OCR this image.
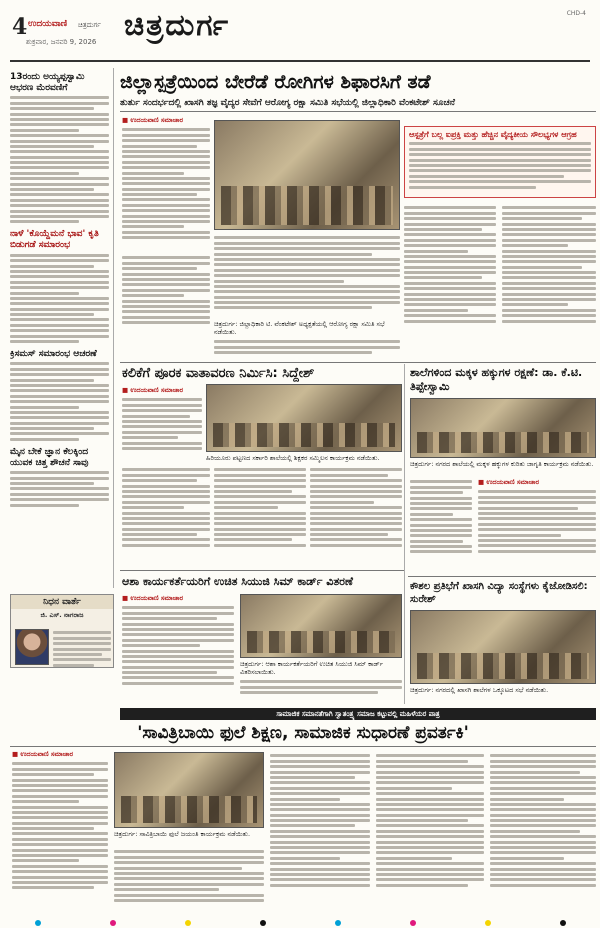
4 ಉದಯವಾಣಿ ಚಿತ್ರದುರ್ಗ
ಶುಕ್ರವಾರ, ಜನವರಿ 9, 2026 ಚಿತ್ರದುರ್ಗ	CHD-4
13ರಂದು ಅಯ್ಯಪ್ಪಸ್ವಾಮಿ ಆಭರಣ ಮೆರವಣಿಗೆ
ನಾಳೆ 'ಕೊಯ್ದೆಮನೆ ಭಾವ' ಕೃತಿ ಬಿಡುಗಡೆ ಸಮಾರಂಭ
ಕ್ರಿಸಮಸ್ ಸಮಾರಂಭ ಆಚರಣೆ
ಮೈನ ಬೇಕೆ ಜ್ಞಾನ ಕೆಲಕ್ಕಿಂದ ಯುವಕ ಚಿತ್ತ ಶೌಚನೆ ಸಾವು
ನಿಧನ ವಾರ್ತೆ
ಜಿ. ಎಸ್. ನಾಗರಾಜ
ಜಿಲ್ಲಾಸ್ಪತ್ರೆಯಿಂದ ಬೇರೆಡೆ ರೋಗಿಗಳ ಶಿಫಾರಸಿಗೆ ತಡೆ
ತುರ್ತು ಸಂದರ್ಭದಲ್ಲಿ ಖಾಸಗಿ ತಜ್ಞ ವೈದ್ಯರ ಸೇವೆಗೆ ಆರೋಗ್ಯ ರಕ್ಷಾ ಸಮಿತಿ ಸಭೆಯಲ್ಲಿ ಜಿಲ್ಲಾಧಿಕಾರಿ ವೆಂಕಟೇಶ್ ಸೂಚನೆ
■ ಉದಯವಾಣಿ ಸಮಾಚಾರ
ಆಸ್ಪತ್ರೆಗೆ ಬಲ್ಲ ಐಪ್ರಕ್ತಿ ಮತ್ತು ಹೆಚ್ಚಿನ ವೈದ್ಯಕೀಯ ಸೌಲಭ್ಯಗಳ ಆಗ್ರಹ
ಚಿತ್ರದುರ್ಗ: ಜಿಲ್ಲಾಧಿಕಾರಿ ಟಿ. ವೆಂಕಟೇಶ್ ಅಧ್ಯಕ್ಷತೆಯಲ್ಲಿ ಆರೋಗ್ಯ ರಕ್ಷಾ ಸಮಿತಿ ಸಭೆ ನಡೆಯಿತು.
ಕಲಿಕೆಗೆ ಪೂರಕ ವಾತಾವರಣ ನಿರ್ಮಿಸಿ: ಸಿದ್ದೇಶ್
■ ಉದಯವಾಣಿ ಸಮಾಚಾರ
ಹಿರಿಯೂರು ಪಟ್ಟಣದ ಸರ್ಕಾರಿ ಶಾಲೆಯಲ್ಲಿ ಶಿಕ್ಷಕರ ಸಮ್ಮಿಲನ ಕಾರ್ಯಕ್ರಮ ನಡೆಯಿತು.
ಶಾಲೆಗಳಿಂದ ಮಕ್ಕಳ ಹಕ್ಕುಗಳ ರಕ್ಷಣೆ: ಡಾ. ಕೆ.ಟಿ. ತಿಪ್ಪೇಸ್ವಾಮಿ
ಚಿತ್ರದುರ್ಗ: ನಗರದ ಶಾಲೆಯಲ್ಲಿ ಮಕ್ಕಳ ಹಕ್ಕುಗಳ ಕುರಿತು ಜಾಗೃತಿ ಕಾರ್ಯಕ್ರಮ ನಡೆಯಿತು.
■ ಉದಯವಾಣಿ ಸಮಾಚಾರ
ಆಶಾ ಕಾರ್ಯಕರ್ತೆಯರಿಗೆ ಉಚಿತ ಸಿಯುಜಿ ಸಿಮ್ ಕಾರ್ಡ್ ವಿತರಣೆ
■ ಉದಯವಾಣಿ ಸಮಾಚಾರ
ಚಿತ್ರದುರ್ಗ: ಆಶಾ ಕಾರ್ಯಕರ್ತೆಯರಿಗೆ ಉಚಿತ ಸಿಯುಜಿ ಸಿಮ್ ಕಾರ್ಡ್ ವಿತರಿಸಲಾಯಿತು.
ಕೌಶಲ ಪ್ರತಿಭೆಗೆ ಖಾಸಗಿ ವಿದ್ಯಾ ಸಂಸ್ಥೆಗಳು ಕೈಜೋಡಿಸಲಿ: ಸುರೇಶ್
ಚಿತ್ರದುರ್ಗ: ನಗರದಲ್ಲಿ ಖಾಸಗಿ ಶಾಲೆಗಳ ಒಕ್ಕೂಟದ ಸಭೆ ನಡೆಯಿತು.
ಸಾಮಾಜಿಕ ಸಮಾನತೆಗಾಗಿ ಸ್ವಾತಂತ್ರ್ಯ ಸಮಾಜ ಕಟ್ಟುವಲ್ಲಿ ಮಹಿಳೆಯರ ಪಾತ್ರ
'ಸಾವಿತ್ರಿಬಾಯಿ ಫುಲೆ ಶಿಕ್ಷಣ, ಸಾಮಾಜಿಕ ಸುಧಾರಣೆ ಪ್ರವರ್ತಕಿ'
■ ಉದಯವಾಣಿ ಸಮಾಚಾರ
ಚಿತ್ರದುರ್ಗ: ಸಾವಿತ್ರಿಬಾಯಿ ಫುಲೆ ಜಯಂತಿ ಕಾರ್ಯಕ್ರಮ ನಡೆಯಿತು.
